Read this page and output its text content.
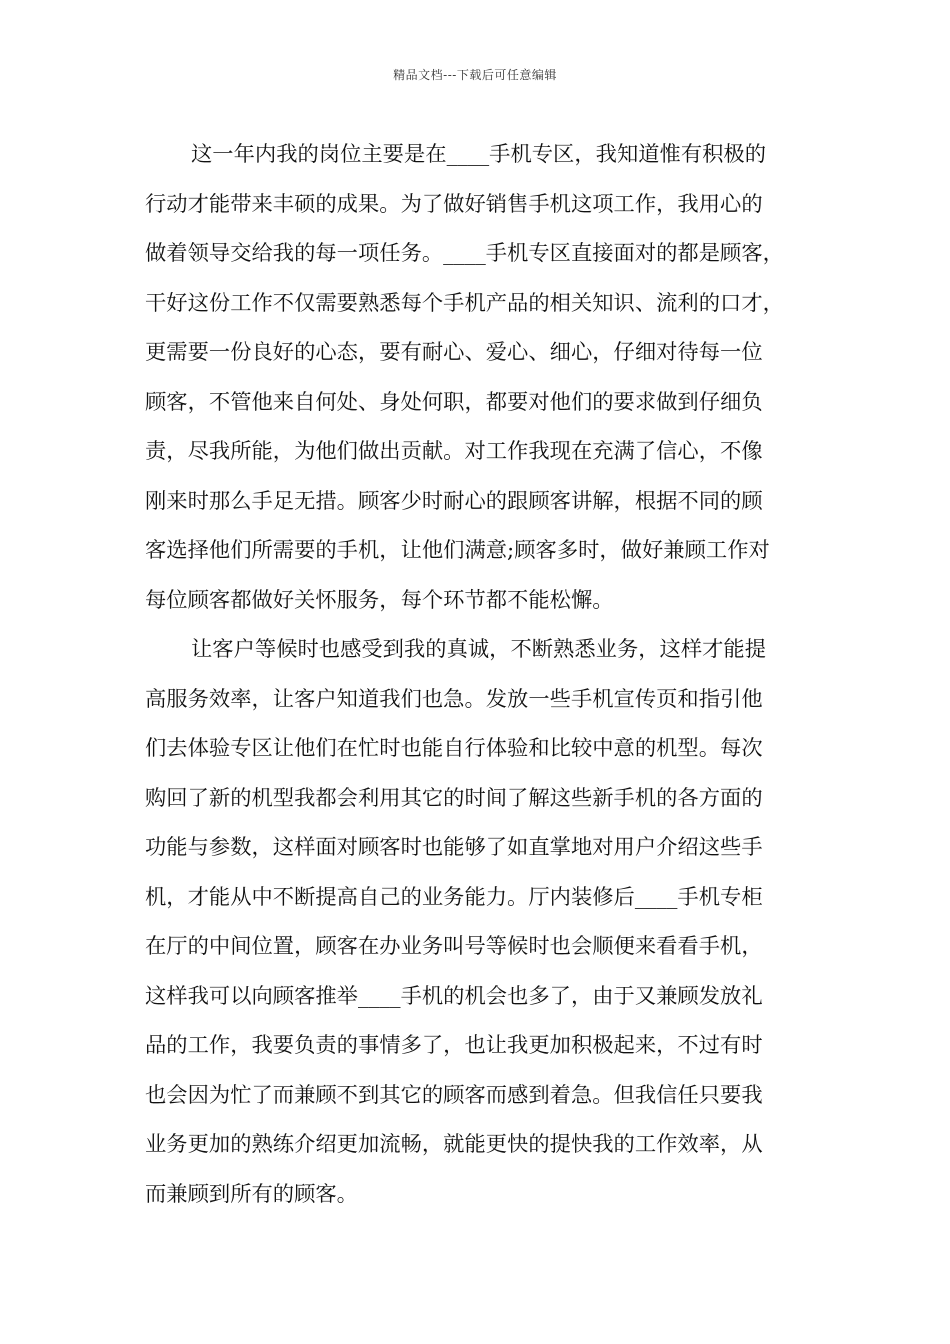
精品文档---下载后可任意编辑

这一年内我的岗位主要是在____手机专区，我知道惟有积极的
行动才能带来丰硕的成果。为了做好销售手机这项工作，我用心的
做着领导交给我的每一项任务。____手机专区直接面对的都是顾客，
干好这份工作不仅需要熟悉每个手机产品的相关知识、流利的口才，
更需要一份良好的心态，要有耐心、爱心、细心，仔细对待每一位
顾客，不管他来自何处、身处何职，都要对他们的要求做到仔细负
责，尽我所能，为他们做出贡献。对工作我现在充满了信心，不像
刚来时那么手足无措。顾客少时耐心的跟顾客讲解，根据不同的顾
客选择他们所需要的手机，让他们满意;顾客多时，做好兼顾工作对
每位顾客都做好关怀服务，每个环节都不能松懈。

让客户等候时也感受到我的真诚，不断熟悉业务，这样才能提
高服务效率，让客户知道我们也急。发放一些手机宣传页和指引他
们去体验专区让他们在忙时也能自行体验和比较中意的机型。每次
购回了新的机型我都会利用其它的时间了解这些新手机的各方面的
功能与参数，这样面对顾客时也能够了如直掌地对用户介绍这些手
机，才能从中不断提高自己的业务能力。厅内装修后____手机专柜
在厅的中间位置，顾客在办业务叫号等候时也会顺便来看看手机，
这样我可以向顾客推举____手机的机会也多了，由于又兼顾发放礼
品的工作，我要负责的事情多了，也让我更加积极起来，不过有时
也会因为忙了而兼顾不到其它的顾客而感到着急。但我信任只要我
业务更加的熟练介绍更加流畅，就能更快的提快我的工作效率，从
而兼顾到所有的顾客。
